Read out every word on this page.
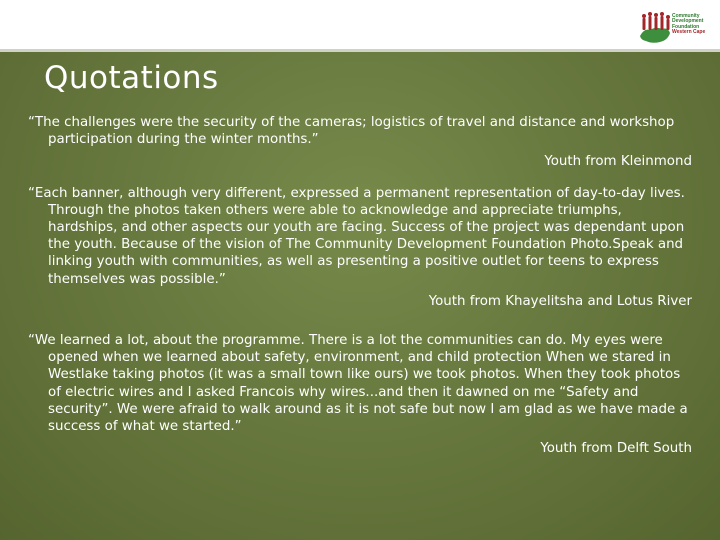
Community
Development
Foundation
Western Cape
Quotations

“The challenges were the security of the cameras; logistics of travel and distance and workshop participation during the winter months.”

Youth from Kleinmond

“Each banner, although very different, expressed a permanent representation of day-to-day lives. Through the photos taken others were able to acknowledge and appreciate triumphs, hardships, and other aspects our youth are facing. Success of the project was dependant upon the youth. Because of the vision of The Community Development Foundation Photo.Speak and linking youth with communities, as well as presenting a positive outlet for teens to express themselves was possible.”

Youth from Khayelitsha and Lotus River

“We learned a lot, about the programme. There is a lot the communities can do. My eyes were opened when we learned about safety, environment, and child protection When we stared in Westlake taking photos (it was a small town like ours) we took photos. When they took photos of electric wires and I asked Francois why wires...and then it dawned on me “Safety and security”. We were afraid to walk around as it is not safe but now I am glad as we have made a success of what we started.”

Youth from Delft South
